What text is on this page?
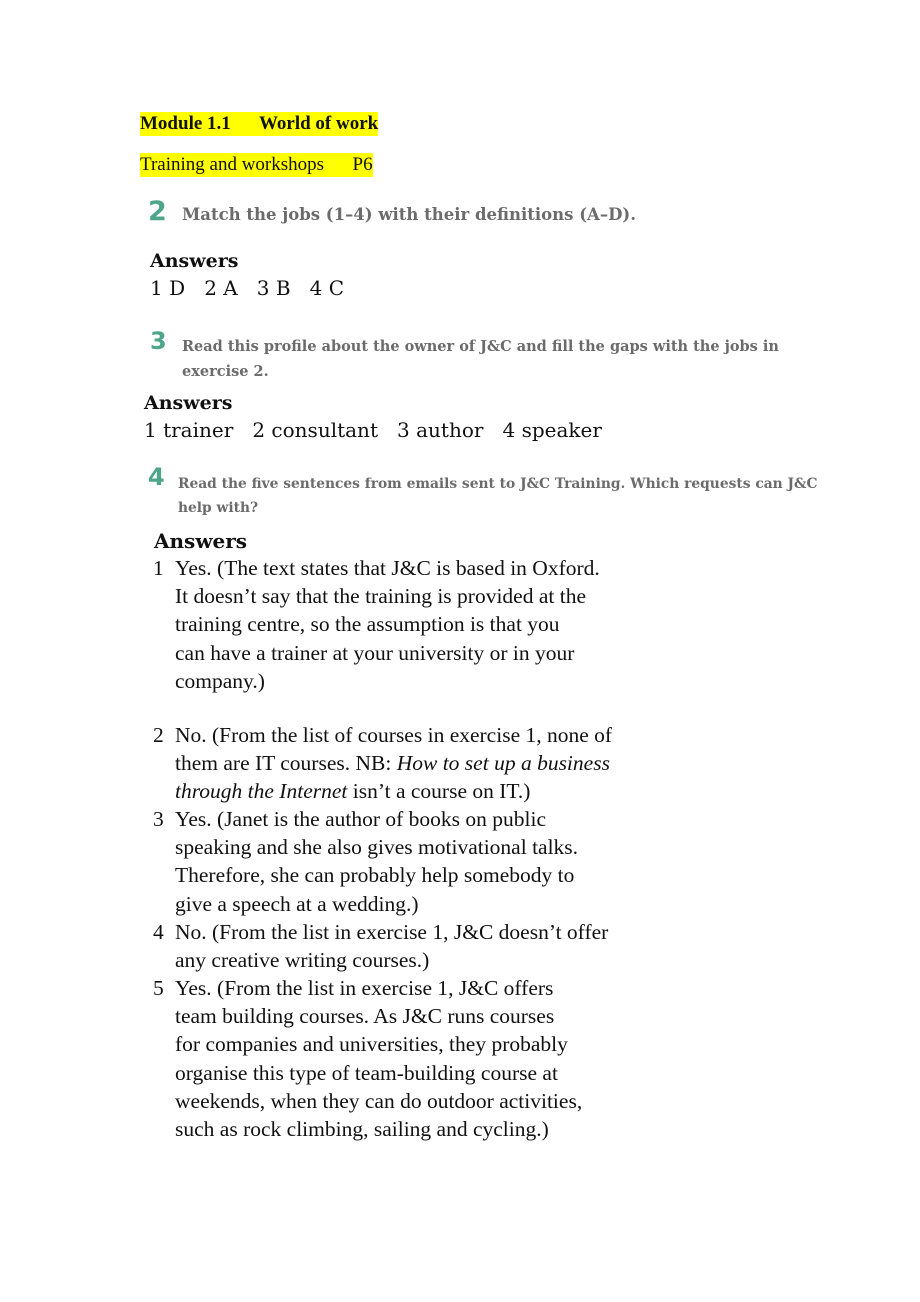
Module 1.1 World of work
Training and workshops P6
2 Match the jobs (1–4) with their definitions (A–D).
Answers
1 D   2 A   3 B   4 C
3 Read this profile about the owner of J&C and fill the gaps with the jobs in
exercise 2.
Answers
1 trainer   2 consultant   3 author   4 speaker
4 Read the five sentences from emails sent to J&C Training. Which requests can J&C
help with?
Answers
1 Yes. (The text states that J&C is based in Oxford.
It doesn’t say that the training is provided at the
training centre, so the assumption is that you
can have a trainer at your university or in your
company.)
2 No. (From the list of courses in exercise 1, none of
them are IT courses. NB: How to set up a business
through the Internet isn’t a course on IT.)
3 Yes. (Janet is the author of books on public
speaking and she also gives motivational talks.
Therefore, she can probably help somebody to
give a speech at a wedding.)
4 No. (From the list in exercise 1, J&C doesn’t offer
any creative writing courses.)
5 Yes. (From the list in exercise 1, J&C offers
team building courses. As J&C runs courses
for companies and universities, they probably
organise this type of team-building course at
weekends, when they can do outdoor activities,
such as rock climbing, sailing and cycling.)
